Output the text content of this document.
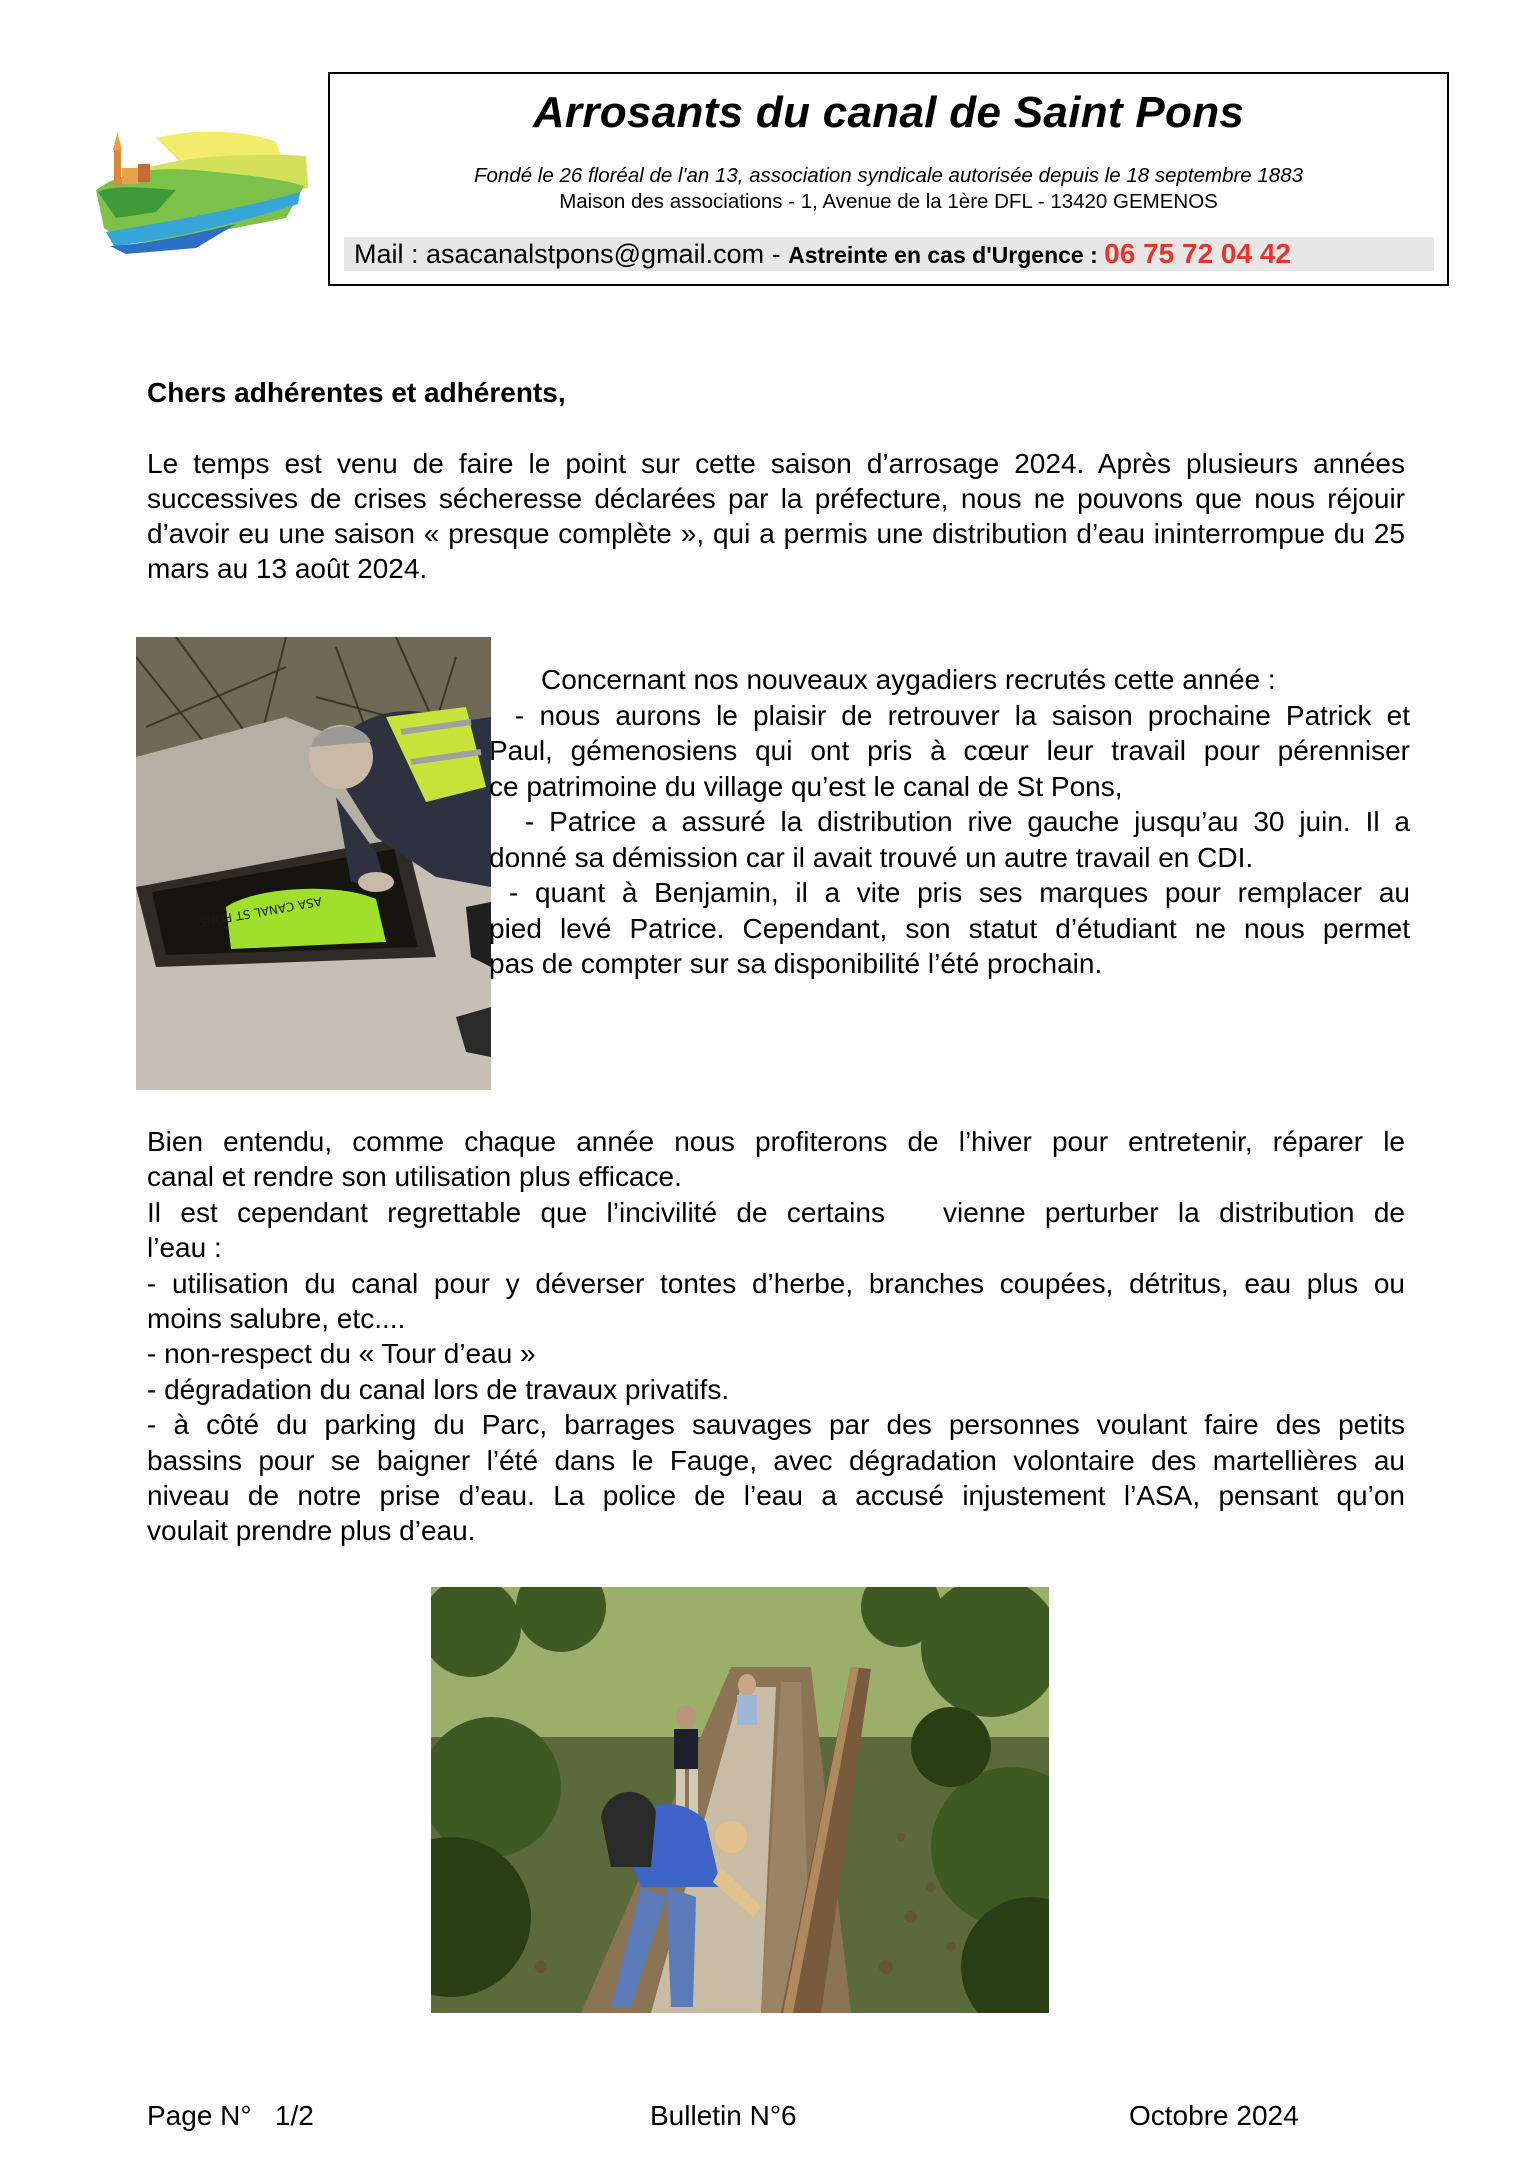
Arrosants du canal de Saint Pons
Fondé le 26 floréal de l'an 13, association syndicale autorisée depuis le 18 septembre 1883
Maison des associations - 1, Avenue de la 1ère DFL - 13420 GEMENOS
Mail : asacanalstpons@gmail.com - Astreinte en cas d'Urgence : 06 75 72 04 42
Chers adhérentes et adhérents,

Le temps est venu de faire le point sur cette saison d’arrosage 2024. Après plusieurs années successives de crises sécheresse déclarées par la préfecture, nous ne pouvons que nous réjouir d’avoir eu une saison « presque complète », qui a permis une distribution d’eau ininterrompue du 25 mars au 13 août 2024.

ASA CANAL ST PONS
Concernant nos nouveaux aygadiers recrutés cette année :
- nous aurons le plaisir de retrouver la saison prochaine Patrick et
Paul, gémenosiens qui ont pris à cœur leur travail pour pérenniser
ce patrimoine du village qu’est le canal de St Pons,
- Patrice a assuré la distribution rive gauche jusqu’au 30 juin. Il a
donné sa démission car il avait trouvé un autre travail en CDI.
- quant à Benjamin, il a vite pris ses marques pour remplacer au
pied levé Patrice. Cependant, son statut d’étudiant ne nous permet
pas de compter sur sa disponibilité l’été prochain.
Bien entendu, comme chaque année nous profiterons de l’hiver pour entretenir, réparer le
canal et rendre son utilisation plus efficace.
Il est cependant regrettable que l’incivilité de certains   vienne perturber la distribution de
l’eau :
- utilisation du canal pour y déverser tontes d’herbe, branches coupées, détritus, eau plus ou
moins salubre, etc....
- non-respect du « Tour d’eau »
- dégradation du canal lors de travaux privatifs.
- à côté du parking du Parc, barrages sauvages par des personnes voulant faire des petits
bassins pour se baigner l’été dans le Fauge, avec dégradation volontaire des martellières au
niveau de notre prise d’eau. La police de l’eau a accusé injustement l’ASA, pensant qu’on
voulait prendre plus d’eau.
Page N°   1/2	Bulletin N°6	Octobre 2024
